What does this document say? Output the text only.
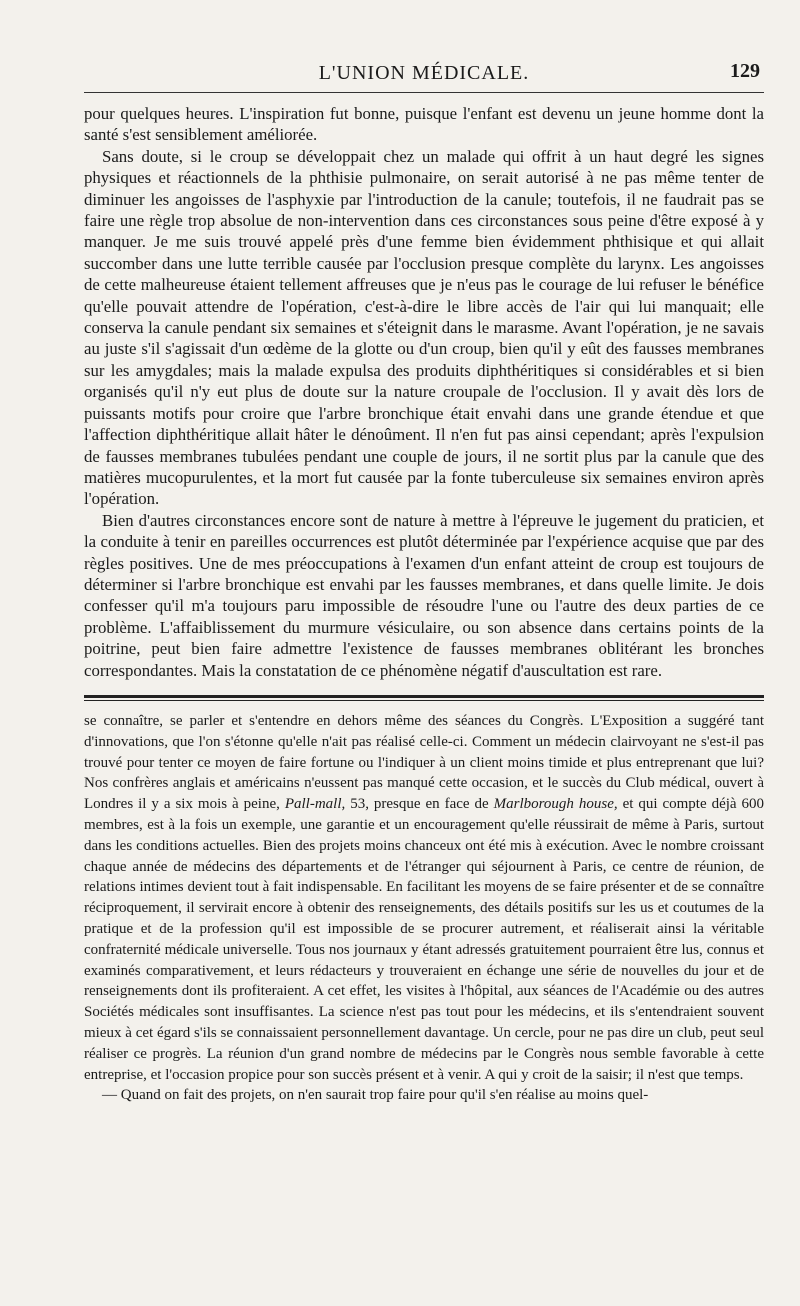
L'UNION MÉDICALE.	129

pour quelques heures. L'inspiration fut bonne, puisque l'enfant est devenu un jeune homme dont la santé s'est sensiblement améliorée.

Sans doute, si le croup se développait chez un malade qui offrit à un haut degré les signes physiques et réactionnels de la phthisie pulmonaire, on serait autorisé à ne pas même tenter de diminuer les angoisses de l'asphyxie par l'introduction de la canule; toutefois, il ne faudrait pas se faire une règle trop absolue de non-intervention dans ces circonstances sous peine d'être exposé à y manquer. Je me suis trouvé appelé près d'une femme bien évidemment phthisique et qui allait succomber dans une lutte terrible causée par l'occlusion presque complète du larynx. Les angoisses de cette malheureuse étaient tellement affreuses que je n'eus pas le courage de lui refuser le bénéfice qu'elle pouvait attendre de l'opération, c'est-à-dire le libre accès de l'air qui lui manquait; elle conserva la canule pendant six semaines et s'éteignit dans le marasme. Avant l'opération, je ne savais au juste s'il s'agissait d'un œdème de la glotte ou d'un croup, bien qu'il y eût des fausses membranes sur les amygdales; mais la malade expulsa des produits diphthéritiques si considérables et si bien organisés qu'il n'y eut plus de doute sur la nature croupale de l'occlusion. Il y avait dès lors de puissants motifs pour croire que l'arbre bronchique était envahi dans une grande étendue et que l'affection diphthéritique allait hâter le dénoûment. Il n'en fut pas ainsi cependant; après l'expulsion de fausses membranes tubulées pendant une couple de jours, il ne sortit plus par la canule que des matières mucopurulentes, et la mort fut causée par la fonte tuberculeuse six semaines environ après l'opération.

Bien d'autres circonstances encore sont de nature à mettre à l'épreuve le jugement du praticien, et la conduite à tenir en pareilles occurrences est plutôt déterminée par l'expérience acquise que par des règles positives. Une de mes préoccupations à l'examen d'un enfant atteint de croup est toujours de déterminer si l'arbre bronchique est envahi par les fausses membranes, et dans quelle limite. Je dois confesser qu'il m'a toujours paru impossible de résoudre l'une ou l'autre des deux parties de ce problème. L'affaiblissement du murmure vésiculaire, ou son absence dans certains points de la poitrine, peut bien faire admettre l'existence de fausses membranes oblitérant les bronches correspondantes. Mais la constatation de ce phénomène négatif d'auscultation est rare.

se connaître, se parler et s'entendre en dehors même des séances du Congrès. L'Exposition a suggéré tant d'innovations, que l'on s'étonne qu'elle n'ait pas réalisé celle-ci. Comment un médecin clairvoyant ne s'est-il pas trouvé pour tenter ce moyen de faire fortune ou l'indiquer à un client moins timide et plus entreprenant que lui? Nos confrères anglais et américains n'eussent pas manqué cette occasion, et le succès du Club médical, ouvert à Londres il y a six mois à peine, Pall-mall, 53, presque en face de Marlborough house, et qui compte déjà 600 membres, est à la fois un exemple, une garantie et un encouragement qu'elle réussirait de même à Paris, surtout dans les conditions actuelles. Bien des projets moins chanceux ont été mis à exécution. Avec le nombre croissant chaque année de médecins des départements et de l'étranger qui séjournent à Paris, ce centre de réunion, de relations intimes devient tout à fait indispensable. En facilitant les moyens de se faire présenter et de se connaître réciproquement, il servirait encore à obtenir des renseignements, des détails positifs sur les us et coutumes de la pratique et de la profession qu'il est impossible de se procurer autrement, et réaliserait ainsi la véritable confraternité médicale universelle. Tous nos journaux y étant adressés gratuitement pourraient être lus, connus et examinés comparativement, et leurs rédacteurs y trouveraient en échange une série de nouvelles du jour et de renseignements dont ils profiteraient. A cet effet, les visites à l'hôpital, aux séances de l'Académie ou des autres Sociétés médicales sont insuffisantes. La science n'est pas tout pour les médecins, et ils s'entendraient souvent mieux à cet égard s'ils se connaissaient personnellement davantage. Un cercle, pour ne pas dire un club, peut seul réaliser ce progrès. La réunion d'un grand nombre de médecins par le Congrès nous semble favorable à cette entreprise, et l'occasion propice pour son succès présent et à venir. A qui y croit de la saisir; il n'est que temps.

— Quand on fait des projets, on n'en saurait trop faire pour qu'il s'en réalise au moins quel-
